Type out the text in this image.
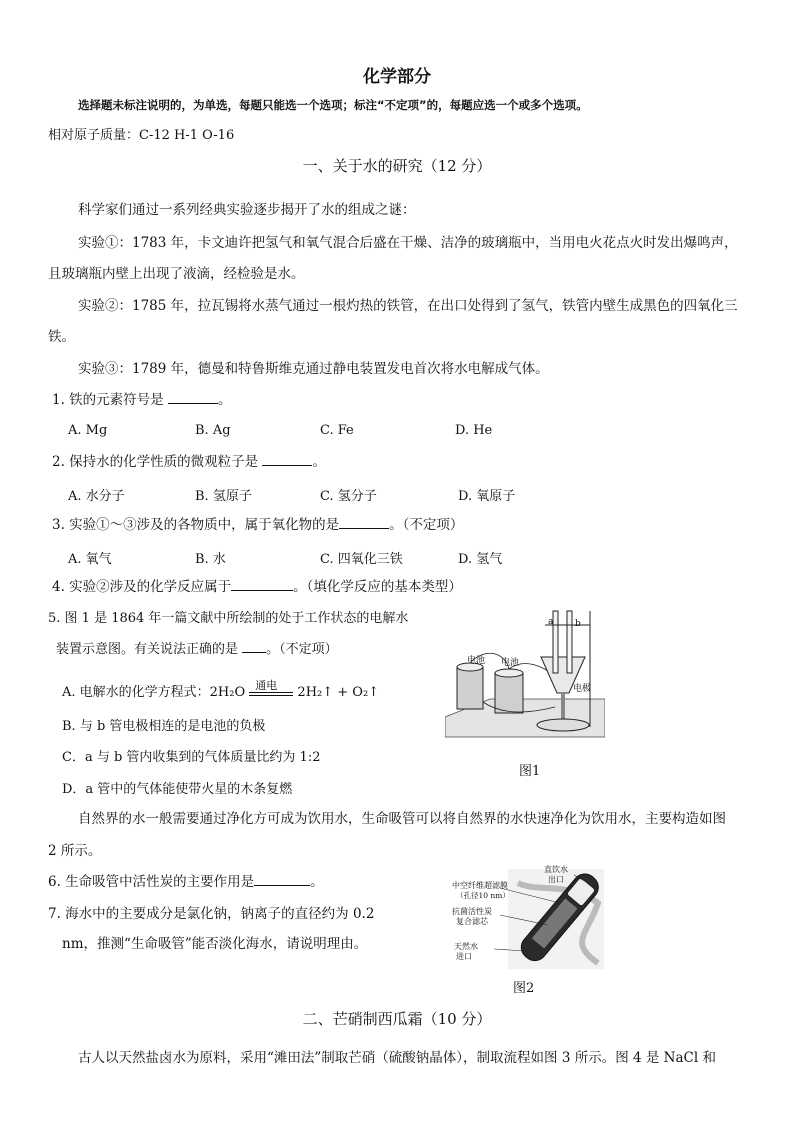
化学部分
选择题未标注说明的，为单选，每题只能选一个选项；标注“不定项”的，每题应选一个或多个选项。
相对原子质量：C-12 H-1 O-16
一、关于水的研究（12 分）
科学家们通过一系列经典实验逐步揭开了水的组成之谜：
实验①：1783 年，卡文迪许把氢气和氧气混合后盛在干燥、洁净的玻璃瓶中，当用电火花点火时发出爆鸣声，
且玻璃瓶内壁上出现了液滴，经检验是水。
实验②：1785 年，拉瓦锡将水蒸气通过一根灼热的铁管，在出口处得到了氢气，铁管内壁生成黑色的四氧化三
铁。
实验③：1789 年，德曼和特鲁斯维克通过静电装置发电首次将水电解成气体。
1. 铁的元素符号是	。
A. Mg	B. Ag	C. Fe	D. He
2. 保持水的化学性质的微观粒子是	。
A. 水分子	B. 氢原子	C. 氢分子	D. 氧原子
3. 实验①～③涉及的各物质中，属于氧化物的是	。（不定项）
A. 氧气	B. 水	C. 四氧化三铁	D. 氢气
4. 实验②涉及的化学反应属于	。（填化学反应的基本类型）
5. 图 1 是 1864 年一篇文献中所绘制的处于工作状态的电解水
装置示意图。有关说法正确的是 。（不定项）
A. 电解水的化学方程式：2H₂O 通电 2H₂↑ + O₂↑
B. 与 b 管电极相连的是电池的负极
C．a 与 b 管内收集到的气体质量比约为 1:2
D．a 管中的气体能使带火星的木条复燃
电池 电池
a b
电极
图1
自然界的水一般需要通过净化方可成为饮用水，生命吸管可以将自然界的水快速净化为饮用水，主要构造如图
2 所示。
6. 生命吸管中活性炭的主要作用是	。
7. 海水中的主要成分是氯化钠，钠离子的直径约为 0.2
nm，推测“生命吸管”能否淡化海水，请说明理由。
直饮水
出口
中空纤维超滤膜
（孔径10 nm）
抗菌活性炭
复合滤芯
天然水
进口
图2
二、芒硝制西瓜霜（10 分）
古人以天然盐卤水为原料，采用“滩田法”制取芒硝（硫酸钠晶体），制取流程如图 3 所示。图 4 是 NaCl 和
